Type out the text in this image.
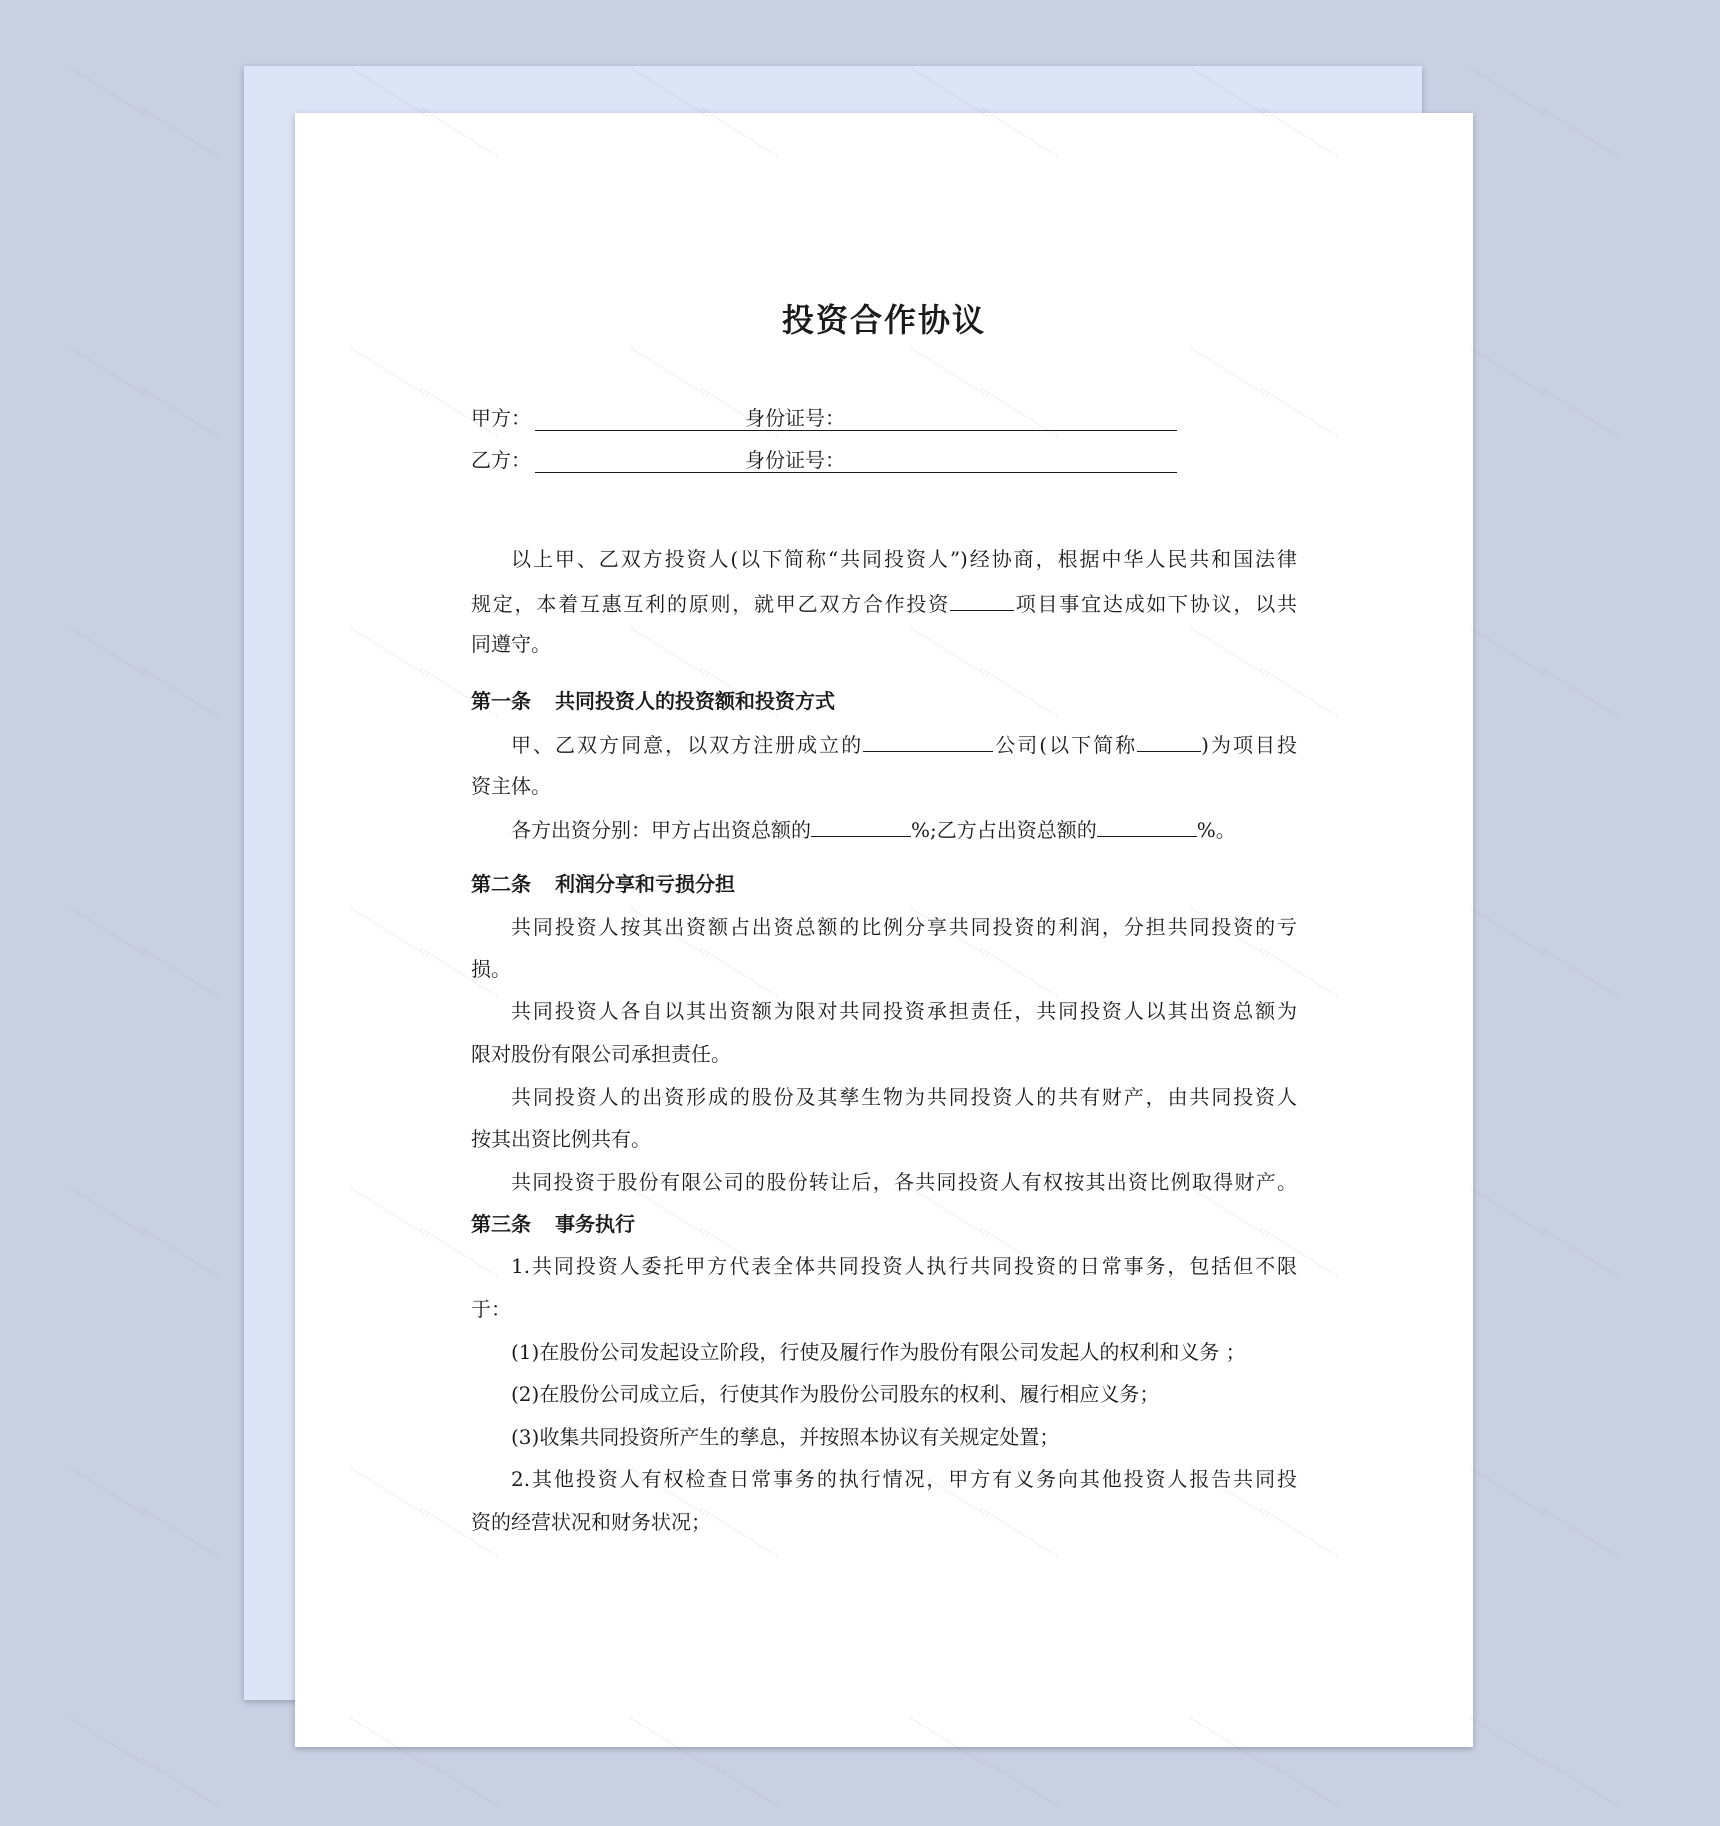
投资合作协议
甲方：	身份证号：
乙方：	身份证号：
以上甲、乙双方投资人(以下简称“共同投资人”)经协商，根据中华人民共和国法律
规定，本着互惠互利的原则，就甲乙双方合作投资	项目事宜达成如下协议，以共
同遵守。
第一条 共同投资人的投资额和投资方式
甲、乙双方同意，以双方注册成立的	公司(以下简称	)为项目投
资主体。
各方出资分别：甲方占出资总额的	%;乙方占出资总额的	%。
第二条 利润分享和亏损分担
共同投资人按其出资额占出资总额的比例分享共同投资的利润，分担共同投资的亏
损。
共同投资人各自以其出资额为限对共同投资承担责任，共同投资人以其出资总额为
限对股份有限公司承担责任。
共同投资人的出资形成的股份及其孳生物为共同投资人的共有财产，由共同投资人
按其出资比例共有。
共同投资于股份有限公司的股份转让后，各共同投资人有权按其出资比例取得财产。
第三条 事务执行
1.共同投资人委托甲方代表全体共同投资人执行共同投资的日常事务，包括但不限
于：
(1)在股份公司发起设立阶段，行使及履行作为股份有限公司发起人的权利和义务 ；
(2)在股份公司成立后，行使其作为股份公司股东的权利、履行相应义务；
(3)收集共同投资所产生的孳息，并按照本协议有关规定处置；
2.其他投资人有权检查日常事务的执行情况，甲方有义务向其他投资人报告共同投
资的经营状况和财务状况；
